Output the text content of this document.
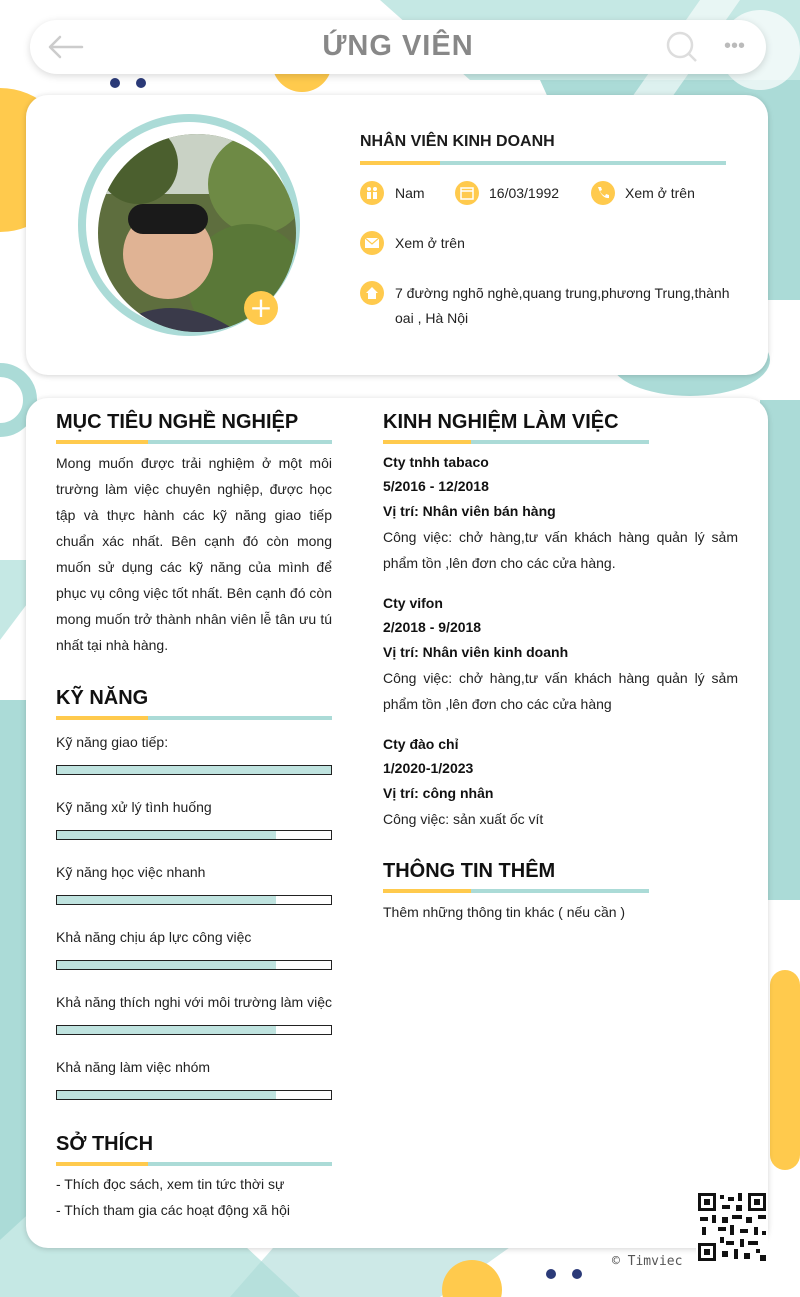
ỨNG VIÊN	•••
+
NHÂN VIÊN KINH DOANH
Nam	16/03/1992	Xem ở trên
Xem ở trên
7 đường nghõ nghè,quang trung,phương Trung,thành
oai , Hà Nội
MỤC TIÊU NGHỀ NGHIỆP
Mong muốn được trải nghiệm ở một môi
trường làm việc chuyên nghiệp, được học
tập và thực hành các kỹ năng giao tiếp
chuẩn xác nhất. Bên cạnh đó còn mong
muốn sử dụng các kỹ năng của mình để
phục vụ công việc tốt nhất. Bên cạnh đó còn
mong muốn trở thành nhân viên lễ tân ưu tú
nhất tại nhà hàng.
KỸ NĂNG
Kỹ năng giao tiếp:
Kỹ năng xử lý tình huống
Kỹ năng học việc nhanh
Khả năng chịu áp lực công việc
Khả năng thích nghi với môi trường làm việc
Khả năng làm việc nhóm
SỞ THÍCH
- Thích đọc sách, xem tin tức thời sự
- Thích tham gia các hoạt động xã hội
KINH NGHIỆM LÀM VIỆC
Cty tnhh tabaco
5/2016 - 12/2018
Vị trí: Nhân viên bán hàng
Công việc: chở hàng,tư vấn khách hàng quản lý sảm
phẩm tồn ,lên đơn cho các cửa hàng.
Cty vifon
2/2018 - 9/2018
Vị trí: Nhân viên kinh doanh
Công việc: chở hàng,tư vấn khách hàng quản lý sảm
phẩm tồn ,lên đơn cho các cửa hàng
Cty đào chỉ
1/2020-1/2023
Vị trí: công nhân
Công việc: sản xuất ốc vít
THÔNG TIN THÊM
Thêm những thông tin khác ( nếu cần )
© Timviec
